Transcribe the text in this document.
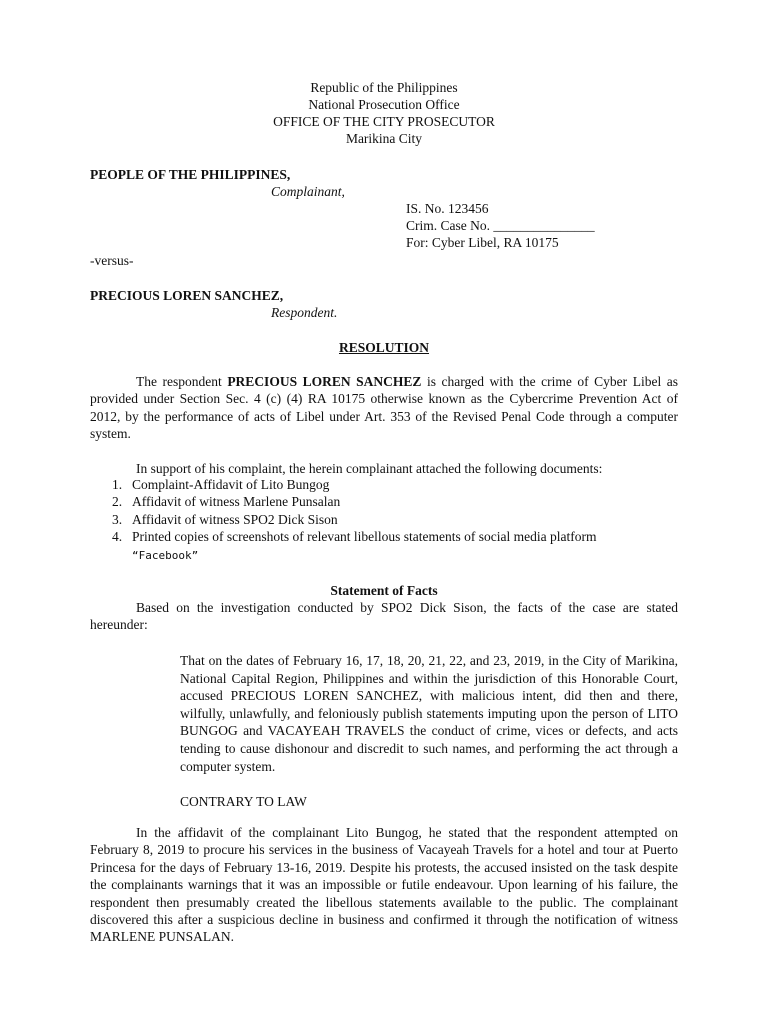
Republic of the Philippines
National Prosecution Office
OFFICE OF THE CITY PROSECUTOR
Marikina City
PEOPLE OF THE PHILIPPINES,
Complainant,
IS. No. 123456
Crim. Case No. _______________
For: Cyber Libel, RA 10175
-versus-
PRECIOUS LOREN SANCHEZ,
Respondent.
RESOLUTION
The respondent PRECIOUS LOREN SANCHEZ is charged with the crime of Cyber Libel as provided under Section Sec. 4 (c) (4) RA 10175 otherwise known as the Cybercrime Prevention Act of 2012, by the performance of acts of Libel under Art. 353 of the Revised Penal Code through a computer system.
In support of his complaint, the herein complainant attached the following documents:
1. Complaint-Affidavit of Lito Bungog
2. Affidavit of witness Marlene Punsalan
3. Affidavit of witness SPO2 Dick Sison
4. Printed copies of screenshots of relevant libellous statements of social media platform
“Facebook”
Statement of Facts
Based on the investigation conducted by SPO2 Dick Sison, the facts of the case are stated hereunder:
That on the dates of February 16, 17, 18, 20, 21, 22, and 23, 2019, in the City of Marikina, National Capital Region, Philippines and within the jurisdiction of this Honorable Court, accused PRECIOUS LOREN SANCHEZ, with malicious intent, did then and there, wilfully, unlawfully, and feloniously publish statements imputing upon the person of LITO BUNGOG and VACAYEAH TRAVELS the conduct of crime, vices or defects, and acts tending to cause dishonour and discredit to such names, and performing the act through a computer system.
CONTRARY TO LAW
In the affidavit of the complainant Lito Bungog, he stated that the respondent attempted on February 8, 2019 to procure his services in the business of Vacayeah Travels for a hotel and tour at Puerto Princesa for the days of February 13-16, 2019. Despite his protests, the accused insisted on the task despite the complainants warnings that it was an impossible or futile endeavour. Upon learning of his failure, the respondent then presumably created the libellous statements available to the public. The complainant discovered this after a suspicious decline in business and confirmed it through the notification of witness MARLENE PUNSALAN.
